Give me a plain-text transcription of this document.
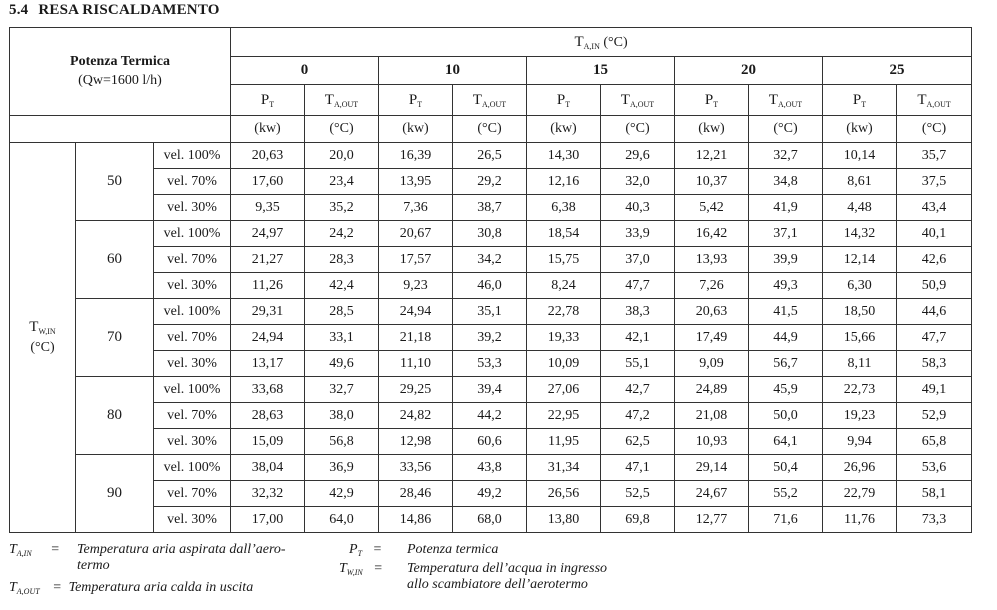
5.4 RESA RISCALDAMENTO
Potenza Termica
(Qw=1600 l/h)			$T_{A,IN}$ (°C)									
			0		10		15		20		25	
			$P_T$	$T_{A,OUT}$	$P_T$	$T_{A,OUT}$	$P_T$	$T_{A,OUT}$	$P_T$	$T_{A,OUT}$	$P_T$	$T_{A,OUT}$
			(kw)	(°C)	(kw)	(°C)	(kw)	(°C)	(kw)	(°C)	(kw)	(°C)
$T_{W,IN}$
(°C)	50	vel. 100%	20,63	20,0	16,39	26,5	14,30	29,6	12,21	32,7	10,14	35,7
		vel. 70%	17,60	23,4	13,95	29,2	12,16	32,0	10,37	34,8	8,61	37,5
		vel. 30%	9,35	35,2	7,36	38,7	6,38	40,3	5,42	41,9	4,48	43,4
	60	vel. 100%	24,97	24,2	20,67	30,8	18,54	33,9	16,42	37,1	14,32	40,1
		vel. 70%	21,27	28,3	17,57	34,2	15,75	37,0	13,93	39,9	12,14	42,6
		vel. 30%	11,26	42,4	9,23	46,0	8,24	47,7	7,26	49,3	6,30	50,9
	70	vel. 100%	29,31	28,5	24,94	35,1	22,78	38,3	20,63	41,5	18,50	44,6
		vel. 70%	24,94	33,1	21,18	39,2	19,33	42,1	17,49	44,9	15,66	47,7
		vel. 30%	13,17	49,6	11,10	53,3	10,09	55,1	9,09	56,7	8,11	58,3
	80	vel. 100%	33,68	32,7	29,25	39,4	27,06	42,7	24,89	45,9	22,73	49,1
		vel. 70%	28,63	38,0	24,82	44,2	22,95	47,2	21,08	50,0	19,23	52,9
		vel. 30%	15,09	56,8	12,98	60,6	11,95	62,5	10,93	64,1	9,94	65,8
	90	vel. 100%	38,04	36,9	33,56	43,8	31,34	47,1	29,14	50,4	26,96	53,6
		vel. 70%	32,32	42,9	28,46	49,2	26,56	52,5	24,67	55,2	22,79	58,1
		vel. 30%	17,00	64,0	14,86	68,0	13,80	69,8	12,77	71,6	11,76	73,3
$T_{A,IN}$ = Temperatura aria aspirata dall’aero-
termo
$T_{A,OUT}$ = Temperatura aria calda in uscita
$P_T$ = Potenza termica
$T_{W,IN}$ = Temperatura dell’acqua in ingresso
allo scambiatore dell’aerotermo
